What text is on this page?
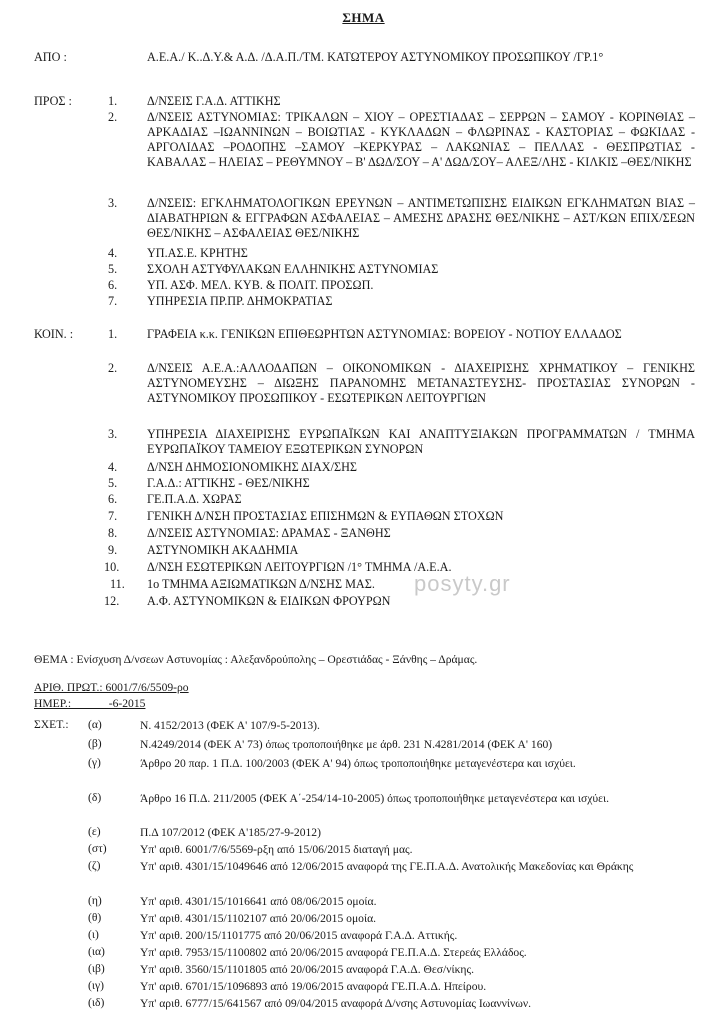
ΣΗΜΑ
ΑΠΟ :	Α.Ε.Α./ Κ..Δ.Υ.& Α.Δ. /Δ.Α.Π./ΤΜ. ΚΑΤΩΤΕΡΟΥ ΑΣΤΥΝΟΜΙΚΟΥ ΠΡΟΣΩΠΙΚΟΥ /ΓΡ.1°
ΠΡΟΣ :	1. Δ/ΝΣΕΙΣ Γ.Α.Δ. ΑΤΤΙΚΗΣ
2. Δ/ΝΣΕΙΣ ΑΣΤΥΝΟΜΙΑΣ: ΤΡΙΚΑΛΩΝ – ΧΙΟΥ – ΟΡΕΣΤΙΑΔΑΣ – ΣΕΡΡΩΝ – ΣΑΜΟΥ - ΚΟΡΙΝΘΙΑΣ –ΑΡΚΑΔΙΑΣ –ΙΩΑΝΝΙΝΩΝ – ΒΟΙΩΤΙΑΣ - ΚΥΚΛΑΔΩΝ – ΦΛΩΡΙΝΑΣ - ΚΑΣΤΟΡΙΑΣ – ΦΩΚΙΔΑΣ - ΑΡΓΟΛΙΔΑΣ –ΡΟΔΟΠΗΣ –ΣΑΜΟΥ –ΚΕΡΚΥΡΑΣ – ΛΑΚΩΝΙΑΣ – ΠΕΛΛΑΣ - ΘΕΣΠΡΩΤΙΑΣ - ΚΑΒΑΛΑΣ – ΗΛΕΙΑΣ – ΡΕΘΥΜΝΟΥ – Β' ΔΩΔ/ΣΟΥ – Α' ΔΩΔ/ΣΟΥ– ΑΛΕΞ/ΛΗΣ - ΚΙΛΚΙΣ –ΘΕΣ/ΝΙΚΗΣ
3. Δ/ΝΣΕΙΣ: ΕΓΚΛΗΜΑΤΟΛΟΓΙΚΩΝ ΕΡΕΥΝΩΝ – ΑΝΤΙΜΕΤΩΠΙΣΗΣ ΕΙΔΙΚΩΝ ΕΓΚΛΗΜΑΤΩΝ ΒΙΑΣ – ΔΙΑΒΑΤΗΡΙΩΝ & ΕΓΓΡΑΦΩΝ ΑΣΦΑΛΕΙΑΣ – ΑΜΕΣΗΣ ΔΡΑΣΗΣ ΘΕΣ/ΝΙΚΗΣ – ΑΣΤ/ΚΩΝ ΕΠΙΧ/ΣΕΩΝ ΘΕΣ/ΝΙΚΗΣ – ΑΣΦΑΛΕΙΑΣ ΘΕΣ/ΝΙΚΗΣ
4. ΥΠ.ΑΣ.Ε. ΚΡΗΤΗΣ
5. ΣΧΟΛΗ ΑΣΤΥΦΥΛΑΚΩΝ ΕΛΛΗΝΙΚΗΣ ΑΣΤΥΝΟΜΙΑΣ
6. ΥΠ. ΑΣΦ. ΜΕΛ. ΚΥΒ. & ΠΟΛΙΤ. ΠΡΟΣΩΠ.
7. ΥΠΗΡΕΣΙΑ ΠΡ.ΠΡ. ΔΗΜΟΚΡΑΤΙΑΣ
ΚΟΙΝ. :	1. ΓΡΑΦΕΙΑ κ.κ. ΓΕΝΙΚΩΝ ΕΠΙΘΕΩΡΗΤΩΝ ΑΣΤΥΝΟΜΙΑΣ: ΒΟΡΕΙΟΥ - ΝΟΤΙΟΥ ΕΛΛΑΔΟΣ
2. Δ/ΝΣΕΙΣ Α.Ε.Α.:ΑΛΛΟΔΑΠΩΝ – ΟΙΚΟΝΟΜΙΚΩΝ - ΔΙΑΧΕΙΡΙΣΗΣ ΧΡΗΜΑΤΙΚΟΥ – ΓΕΝΙΚΗΣ ΑΣΤΥΝΟΜΕΥΣΗΣ – ΔΙΩΞΗΣ ΠΑΡΑΝΟΜΗΣ ΜΕΤΑΝΑΣΤΕΥΣΗΣ- ΠΡΟΣΤΑΣΙΑΣ ΣΥΝΟΡΩΝ - ΑΣΤΥΝΟΜΙΚΟΥ ΠΡΟΣΩΠΙΚΟΥ - ΕΣΩΤΕΡΙΚΩΝ ΛΕΙΤΟΥΡΓΙΩΝ
3. ΥΠΗΡΕΣΙΑ ΔΙΑΧΕΙΡΙΣΗΣ ΕΥΡΩΠΑΪΚΩΝ ΚΑΙ ΑΝΑΠΤΥΞΙΑΚΩΝ ΠΡΟΓΡΑΜΜΑΤΩΝ / ΤΜΗΜΑ ΕΥΡΩΠΑΪΚΟΥ ΤΑΜΕΙΟΥ ΕΞΩΤΕΡΙΚΩΝ ΣΥΝΟΡΩΝ
4. Δ/ΝΣΗ ΔΗΜΟΣΙΟΝΟΜΙΚΗΣ ΔΙΑΧ/ΣΗΣ
5. Γ.Α.Δ.: ΑΤΤΙΚΗΣ - ΘΕΣ/ΝΙΚΗΣ
6. ΓΕ.Π.Α.Δ. ΧΩΡΑΣ
7. ΓΕΝΙΚΗ Δ/ΝΣΗ ΠΡΟΣΤΑΣΙΑΣ ΕΠΙΣΗΜΩΝ & ΕΥΠΑΘΩΝ ΣΤΟΧΩΝ
8. Δ/ΝΣΕΙΣ ΑΣΤΥΝΟΜΙΑΣ: ΔΡΑΜΑΣ - ΞΑΝΘΗΣ
9. ΑΣΤΥΝΟΜΙΚΗ ΑΚΑΔΗΜΙΑ
10. Δ/ΝΣΗ ΕΣΩΤΕΡΙΚΩΝ ΛΕΙΤΟΥΡΓΙΩΝ /1° ΤΜΗΜΑ /Α.Ε.Α.
11. 1ο ΤΜΗΜΑ ΑΞΙΩΜΑΤΙΚΩΝ Δ/ΝΣΗΣ ΜΑΣ.
12. Α.Φ. ΑΣΤΥΝΟΜΙΚΩΝ & ΕΙΔΙΚΩΝ ΦΡΟΥΡΩΝ
posyty.gr
ΘΕΜΑ : Ενίσχυση Δ/νσεων Αστυνομίας : Αλεξανδρούπολης – Ορεστιάδας - Ξάνθης – Δράμας.
ΑΡΙΘ. ΠΡΩΤ.: 6001/7/6/5509-ρο
ΗΜΕΡ.: _ _ _ _ -6-2015
ΣΧΕΤ.: (α)	Ν. 4152/2013 (ΦΕΚ Α' 107/9-5-2013).
(β)	Ν.4249/2014 (ΦΕΚ Α' 73) όπως τροποποιήθηκε με άρθ. 231 Ν.4281/2014 (ΦΕΚ Α' 160)
(γ)	Άρθρο 20 παρ. 1 Π.Δ. 100/2003 (ΦΕΚ Α' 94) όπως τροποποιήθηκε μεταγενέστερα και ισχύει.
(δ)	Άρθρο 16 Π.Δ. 211/2005 (ΦΕΚ Α΄-254/14-10-2005) όπως τροποποιήθηκε μεταγενέστερα και ισχύει.
(ε)	Π.Δ 107/2012 (ΦΕΚ Α'185/27-9-2012)
(στ)	Υπ' αριθ. 6001/7/6/5569-ρξη από 15/06/2015 διαταγή μας.
(ζ)	Υπ' αριθ. 4301/15/1049646 από 12/06/2015 αναφορά της ΓΕ.Π.Α.Δ. Ανατολικής Μακεδονίας και Θράκης
(η)	Υπ' αριθ. 4301/15/1016641 από 08/06/2015 ομοία.
(θ)	Υπ' αριθ. 4301/15/1102107 από 20/06/2015 ομοία.
(ι)	Υπ' αριθ. 200/15/1101775 από 20/06/2015 αναφορά Γ.Α.Δ. Αττικής.
(ια)	Υπ' αριθ. 7953/15/1100802 από 20/06/2015 αναφορά ΓΕ.Π.Α.Δ. Στερεάς Ελλάδος.
(ιβ)	Υπ' αριθ. 3560/15/1101805 από 20/06/2015 αναφορά Γ.Α.Δ. Θεσ/νίκης.
(ιγ)	Υπ' αριθ. 6701/15/1096893 από 19/06/2015 αναφορά ΓΕ.Π.Α.Δ. Ηπείρου.
(ιδ)	Υπ' αριθ. 6777/15/641567 από 09/04/2015 αναφορά Δ/νσης Αστυνομίας Ιωαννίνων.
